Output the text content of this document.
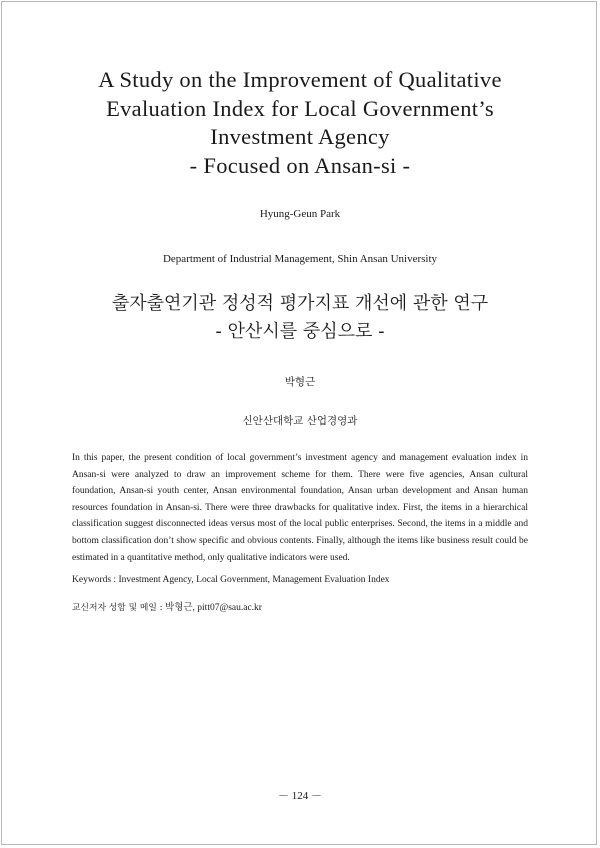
A Study on the Improvement of Qualitative
Evaluation Index for Local Government’s
Investment Agency
- Focused on Ansan-si -
Hyung-Geun Park
Department of Industrial Management, Shin Ansan University
출자출연기관 정성적 평가지표 개선에 관한 연구
- 안산시를 중심으로 -
박형근
신안산대학교 산업경영과

In this paper, the present condition of local government’s investment agency and management evaluation index in Ansan-si were analyzed to draw an improvement scheme for them. There were five agencies, Ansan cultural foundation, Ansan-si youth center, Ansan environmental foundation, Ansan urban development and Ansan human resources foundation in Ansan-si. There were three drawbacks for qualitative index. First, the items in a hierarchical classification suggest disconnected ideas versus most of the local public enterprises. Second, the items in a middle and bottom classification don’t show specific and obvious contents. Finally, although the items like business result could be estimated in a quantitative method, only qualitative indicators were used.

Keywords : Investment Agency, Local Government, Management Evaluation Index
교신저자 성함 및 메일 : 박형근, pitt07@sau.ac.kr
－ 124 －
